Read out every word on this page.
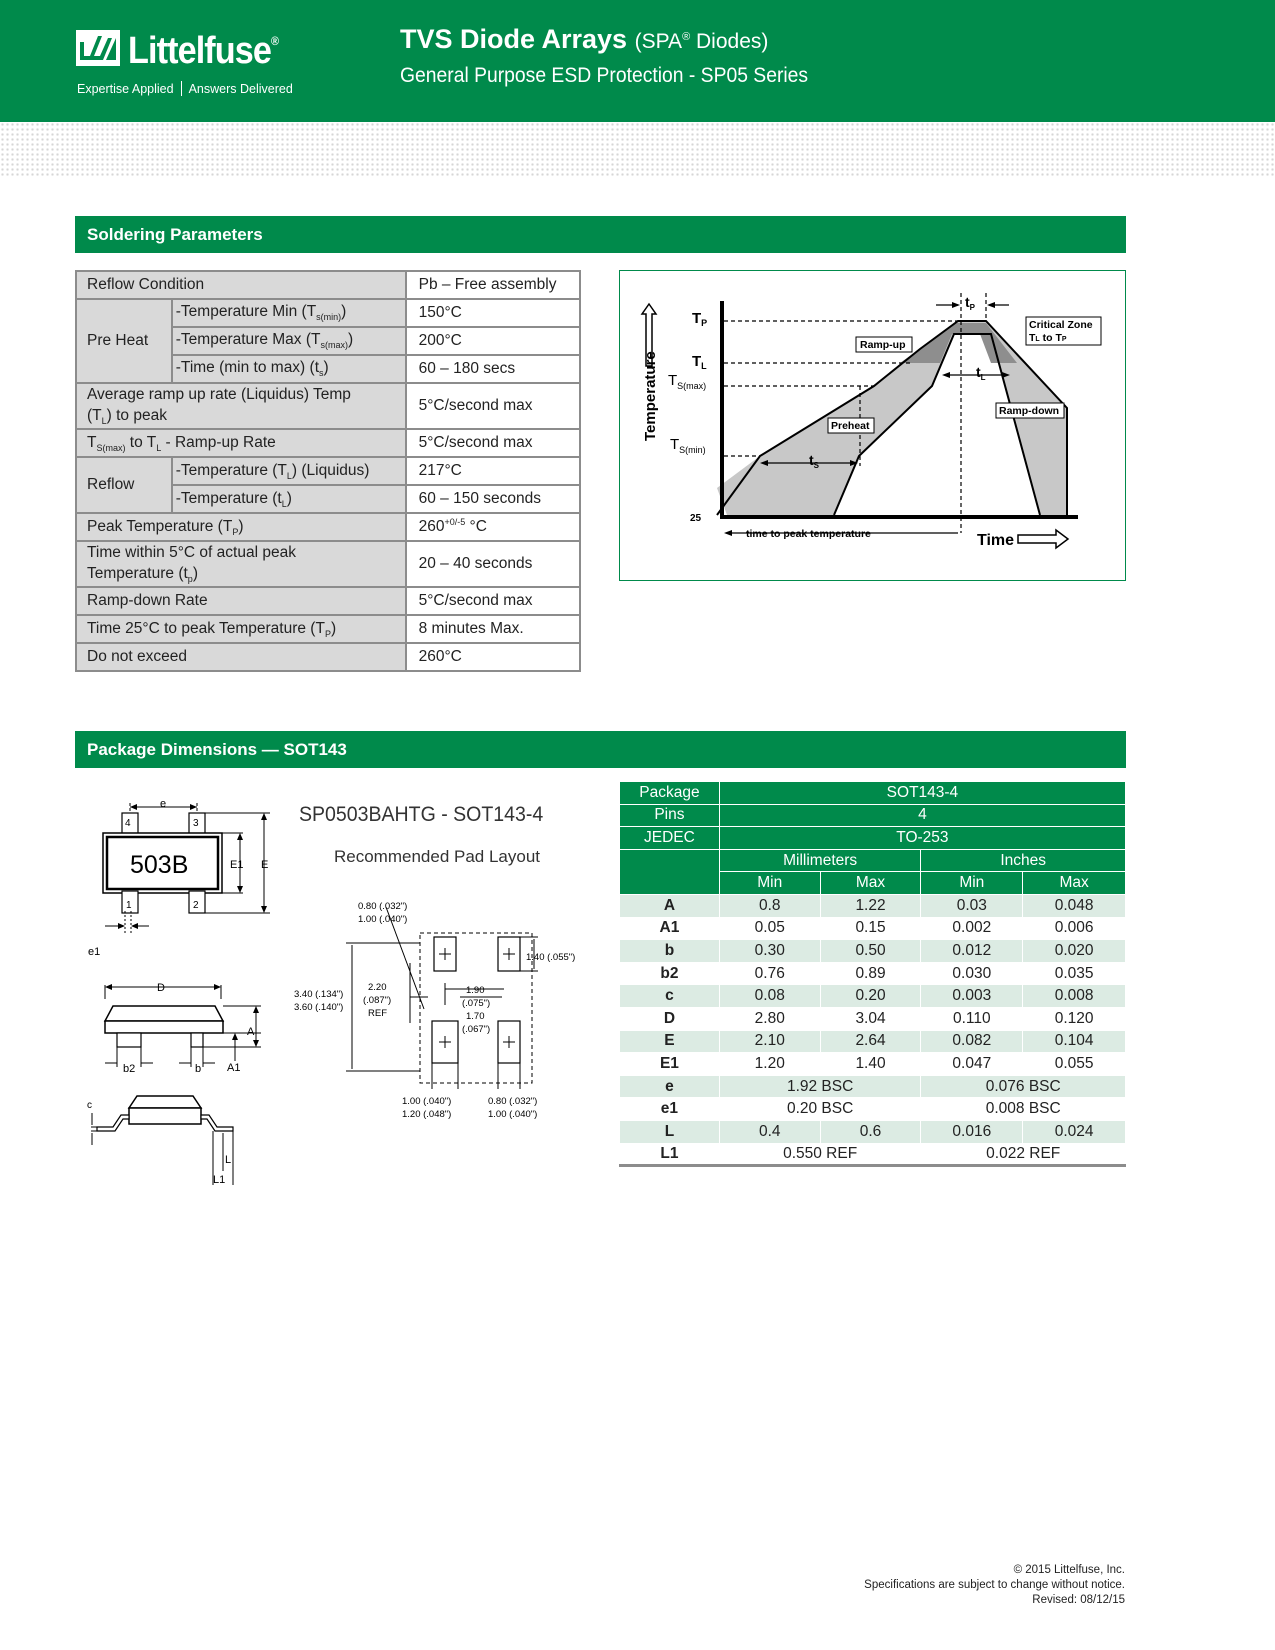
Littelfuse®
Expertise Applied Answers Delivered
TVS Diode Arrays (SPA® Diodes)
General Purpose ESD Protection - SP05 Series
Soldering Parameters
Reflow Condition		Pb – Free assembly
Pre Heat	-Temperature Min $(T_{s(min)})$	150°C
	-Temperature Max $(T_{s(max)})$	200°C
	-Time (min to max) $(t_s)$	60 – 180 secs
Average ramp up rate (Liquidus) Temp
$(T_L)$ to peak		5°C/second max
$T_{S(max)}$ to $T_L$ - Ramp-up Rate		5°C/second max
Reflow	-Temperature $(T_L)$ (Liquidus)	217°C
	-Temperature $(t_L)$	60 – 150 seconds
Peak Temperature $(T_P)$		$260^{+0/-5}$ °C
Time within 5°C of actual peak
Temperature $(t_p)$		20 – 40 seconds
Ramp-down Rate		5°C/second max
Time 25°C to peak Temperature $(T_P)$		8 minutes Max.
Do not exceed		260°C
Temperature
Time
$T_P$
$T_L$
$T_{S(max)}$
$T_{S(min)}$
25
$t_P$
$t_L$
$t_S$
time to peak temperature
Ramp-up
Preheat
Ramp-down
Critical Zone
TL to TP
Package Dimensions — SOT143
SP0503BAHTG - SOT143-4
Recommended Pad Layout
e
4	3
1	2
503B	E1 E
e1
D
A
A1
b2	b
c
L
L1
0.80 (.032")
1.00 (.040")
3.40 (.134")
3.60 (.140")
2.20
(.087")
REF
1.90
(.075")
1.70
(.067")
1.40 (.055")
1.00 (.040")
1.20 (.048")
0.80 (.032")
1.00 (.040")
Package	SOT143-4			
Pins	4			
JEDEC	TO-253			
	Millimeters		Inches	
	Min	Max	Min	Max
A	0.8	1.22	0.03	0.048
A1	0.05	0.15	0.002	0.006
b	0.30	0.50	0.012	0.020
b2	0.76	0.89	0.030	0.035
c	0.08	0.20	0.003	0.008
D	2.80	3.04	0.110	0.120
E	2.10	2.64	0.082	0.104
E1	1.20	1.40	0.047	0.055
e	1.92 BSC		0.076 BSC	
e1	0.20 BSC		0.008 BSC	
L	0.4	0.6	0.016	0.024
L1	0.550 REF		0.022 REF	
© 2015 Littelfuse, Inc.
Specifications are subject to change without notice.
Revised: 08/12/15
